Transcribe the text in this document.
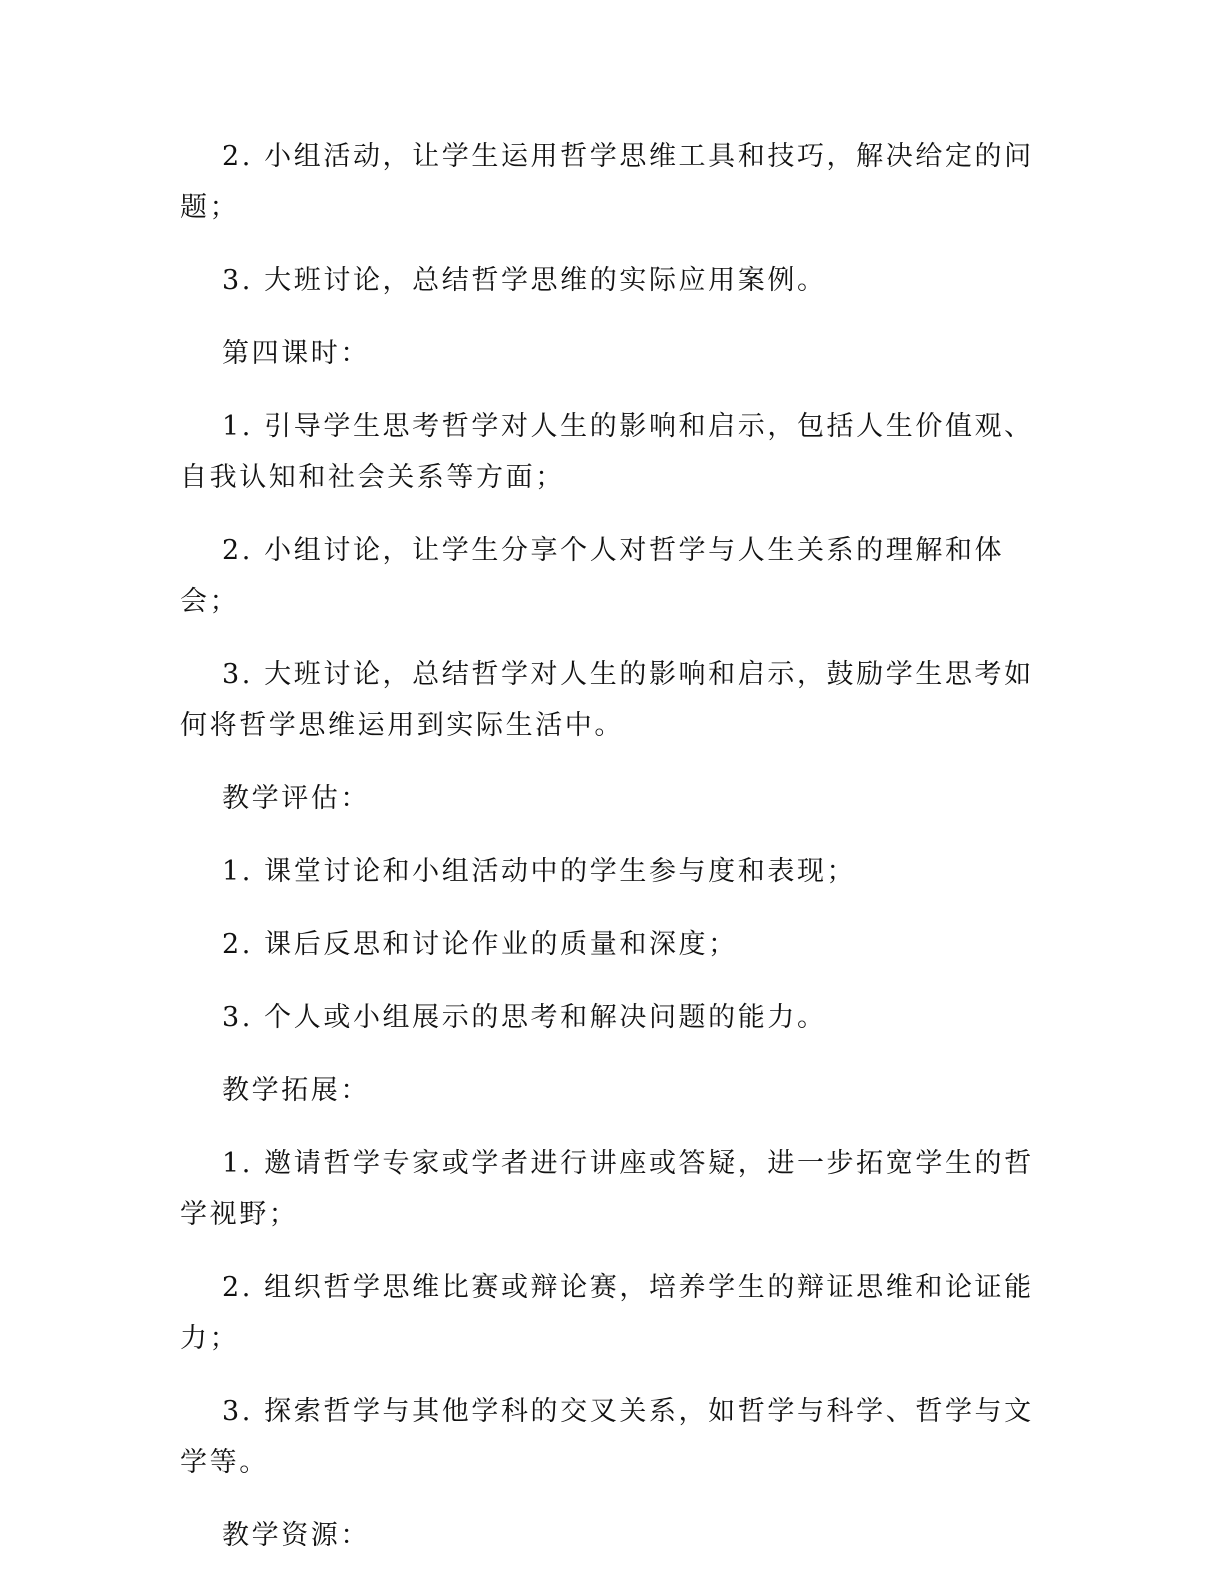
2. 小组活动，让学生运用哲学思维工具和技巧，解决给定的问题；

3. 大班讨论，总结哲学思维的实际应用案例。

第四课时：

1. 引导学生思考哲学对人生的影响和启示，包括人生价值观、自我认知和社会关系等方面；

2. 小组讨论，让学生分享个人对哲学与人生关系的理解和体会；

3. 大班讨论，总结哲学对人生的影响和启示，鼓励学生思考如何将哲学思维运用到实际生活中。

教学评估：

1. 课堂讨论和小组活动中的学生参与度和表现；

2. 课后反思和讨论作业的质量和深度；

3. 个人或小组展示的思考和解决问题的能力。

教学拓展：

1. 邀请哲学专家或学者进行讲座或答疑，进一步拓宽学生的哲学视野；

2. 组织哲学思维比赛或辩论赛，培养学生的辩证思维和论证能力；

3. 探索哲学与其他学科的交叉关系，如哲学与科学、哲学与文学等。

教学资源：
